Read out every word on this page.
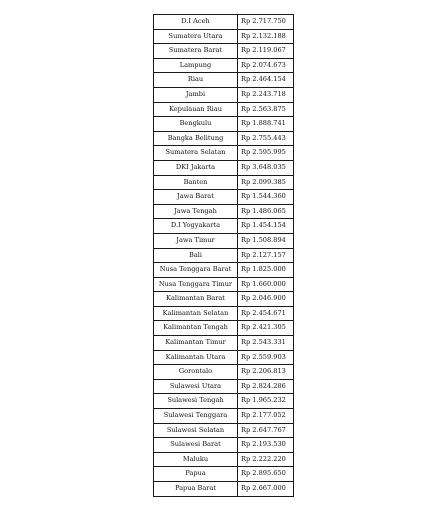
D.I Aceh	Rp 2.717.750
Sumatera Utara	Rp 2.132.188
Sumatera Barat	Rp 2.119.067
Lampung	Rp 2.074.673
Riau	Rp 2.464.154
Jambi	Rp 2.243.718
Kepulauan Riau	Rp 2.563.875
Bengkulu	Rp 1.888.741
Bangka Belitung	Rp 2.755.443
Sumatera Selatan	Rp 2.595.995
DKI Jakarta	Rp 3.648.035
Banten	Rp 2.099.385
Jawa Barat	Rp 1.544.360
Jawa Tengah	Rp 1.486.065
D.I Yogyakarta	Rp 1.454.154
Jawa Timur	Rp 1.508.894
Bali	Rp 2.127.157
Nusa Tenggara Barat	Rp 1.825.000
Nusa Tenggara Timur	Rp 1.660.000
Kalimantan Barat	Rp 2.046.900
Kalimantan Selatan	Rp 2.454.671
Kalimantan Tengah	Rp 2.421.305
Kalimantan Timur	Rp 2.543.331
Kalimantan Utara	Rp 2.559.903
Gorontalo	Rp 2.206.813
Sulawesi Utara	Rp 2.824.286
Sulawesi Tengah	Rp 1.965.232
Sulawesi Tenggara	Rp 2.177.052
Sulawesi Selatan	Rp 2.647.767
Sulawesi Barat	Rp 2.193.530
Maluku	Rp 2.222.220
Papua	Rp 2.895.650
Papua Barat	Rp 2.667.000
